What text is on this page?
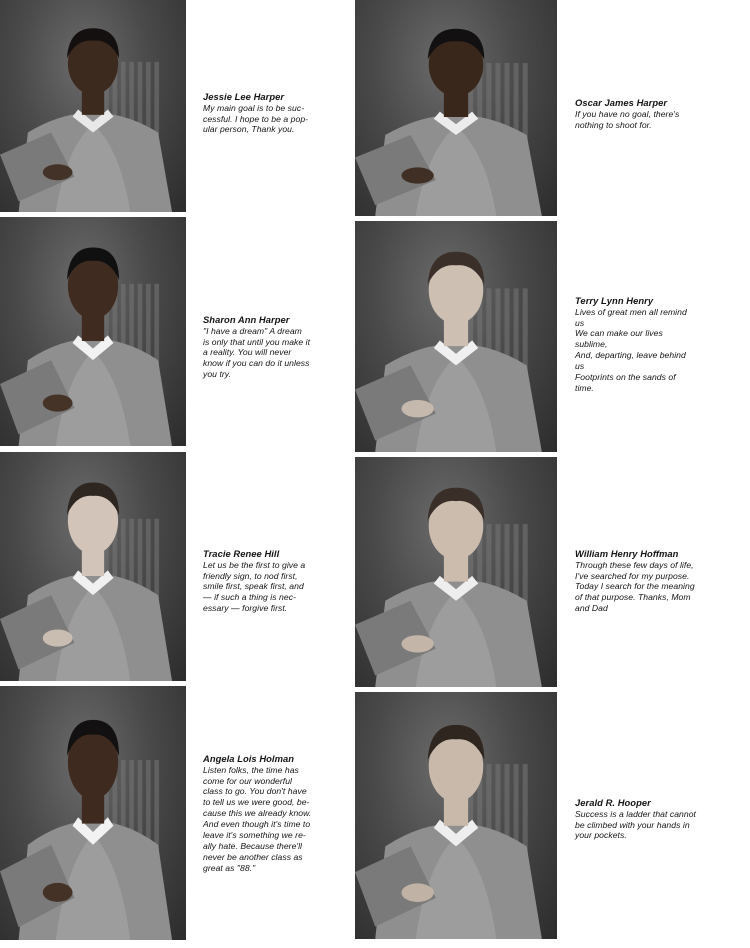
Jessie Lee Harper
My main goal is to be suc-
cessful. I hope to be a pop-
ular person, Thank you.
Sharon Ann Harper
"I have a dream" A dream
is only that until you make it
a reality. You will never
know if you can do it unless
you try.
Tracie Renee Hill
Let us be the first to give a
friendly sign, to nod first,
smile first, speak first, and
— if such a thing is nec-
essary — forgive first.
Angela Lois Holman
Listen folks, the time has
come for our wonderful
class to go. You don't have
to tell us we were good, be-
cause this we already know.
And even though it's time to
leave it's something we re-
ally hate. Because there'll
never be another class as
great as "88."
Oscar James Harper
If you have no goal, there's
nothing to shoot for.
Terry Lynn Henry
Lives of great men all remind
us
We can make our lives
sublime,
And, departing, leave behind
us
Footprints on the sands of
time.
William Henry Hoffman
Through these few days of life,
I've searched for my purpose.
Today I search for the meaning
of that purpose. Thanks, Mom
and Dad
Jerald R. Hooper
Success is a ladder that cannot
be climbed with your hands in
your pockets.
